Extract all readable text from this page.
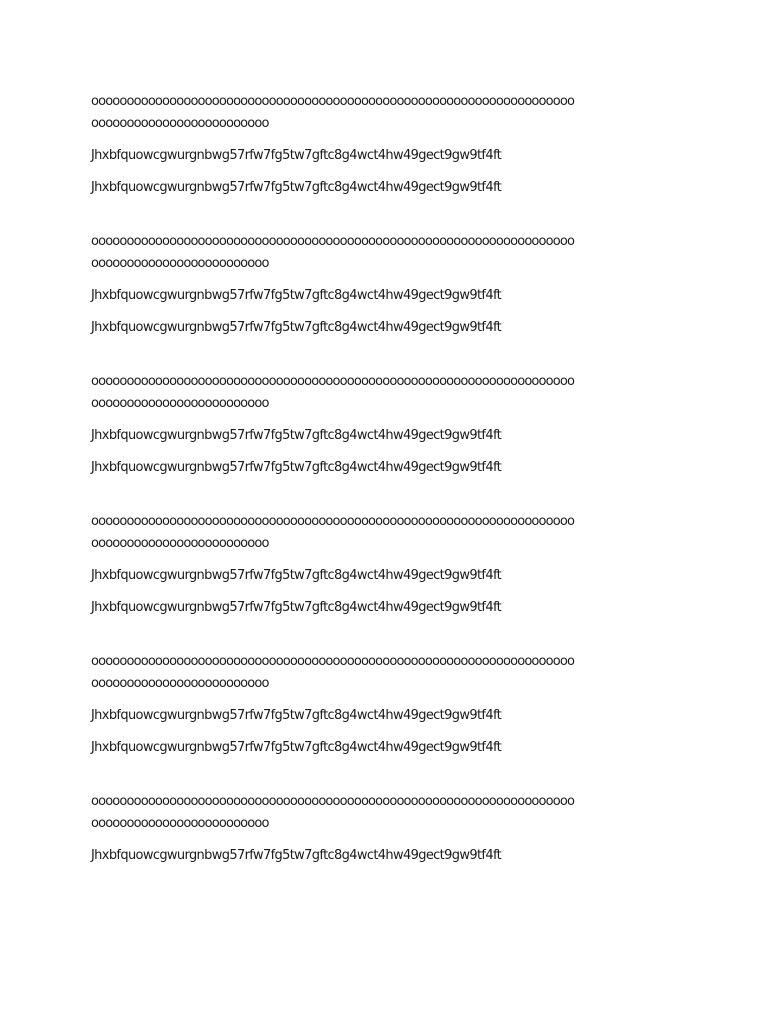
oooooooooooooooooooooooooooooooooooooooooooooooooooooooooooooooooooo

ooooooooooooooooooooooooo

Jhxbfquowcgwurgnbwg57rfw7fg5tw7gftc8g4wct4hw49gect9gw9tf4ft

Jhxbfquowcgwurgnbwg57rfw7fg5tw7gftc8g4wct4hw49gect9gw9tf4ft

oooooooooooooooooooooooooooooooooooooooooooooooooooooooooooooooooooo

ooooooooooooooooooooooooo

Jhxbfquowcgwurgnbwg57rfw7fg5tw7gftc8g4wct4hw49gect9gw9tf4ft

Jhxbfquowcgwurgnbwg57rfw7fg5tw7gftc8g4wct4hw49gect9gw9tf4ft

oooooooooooooooooooooooooooooooooooooooooooooooooooooooooooooooooooo

ooooooooooooooooooooooooo

Jhxbfquowcgwurgnbwg57rfw7fg5tw7gftc8g4wct4hw49gect9gw9tf4ft

Jhxbfquowcgwurgnbwg57rfw7fg5tw7gftc8g4wct4hw49gect9gw9tf4ft

oooooooooooooooooooooooooooooooooooooooooooooooooooooooooooooooooooo

ooooooooooooooooooooooooo

Jhxbfquowcgwurgnbwg57rfw7fg5tw7gftc8g4wct4hw49gect9gw9tf4ft

Jhxbfquowcgwurgnbwg57rfw7fg5tw7gftc8g4wct4hw49gect9gw9tf4ft

oooooooooooooooooooooooooooooooooooooooooooooooooooooooooooooooooooo

ooooooooooooooooooooooooo

Jhxbfquowcgwurgnbwg57rfw7fg5tw7gftc8g4wct4hw49gect9gw9tf4ft

Jhxbfquowcgwurgnbwg57rfw7fg5tw7gftc8g4wct4hw49gect9gw9tf4ft

oooooooooooooooooooooooooooooooooooooooooooooooooooooooooooooooooooo

ooooooooooooooooooooooooo

Jhxbfquowcgwurgnbwg57rfw7fg5tw7gftc8g4wct4hw49gect9gw9tf4ft
